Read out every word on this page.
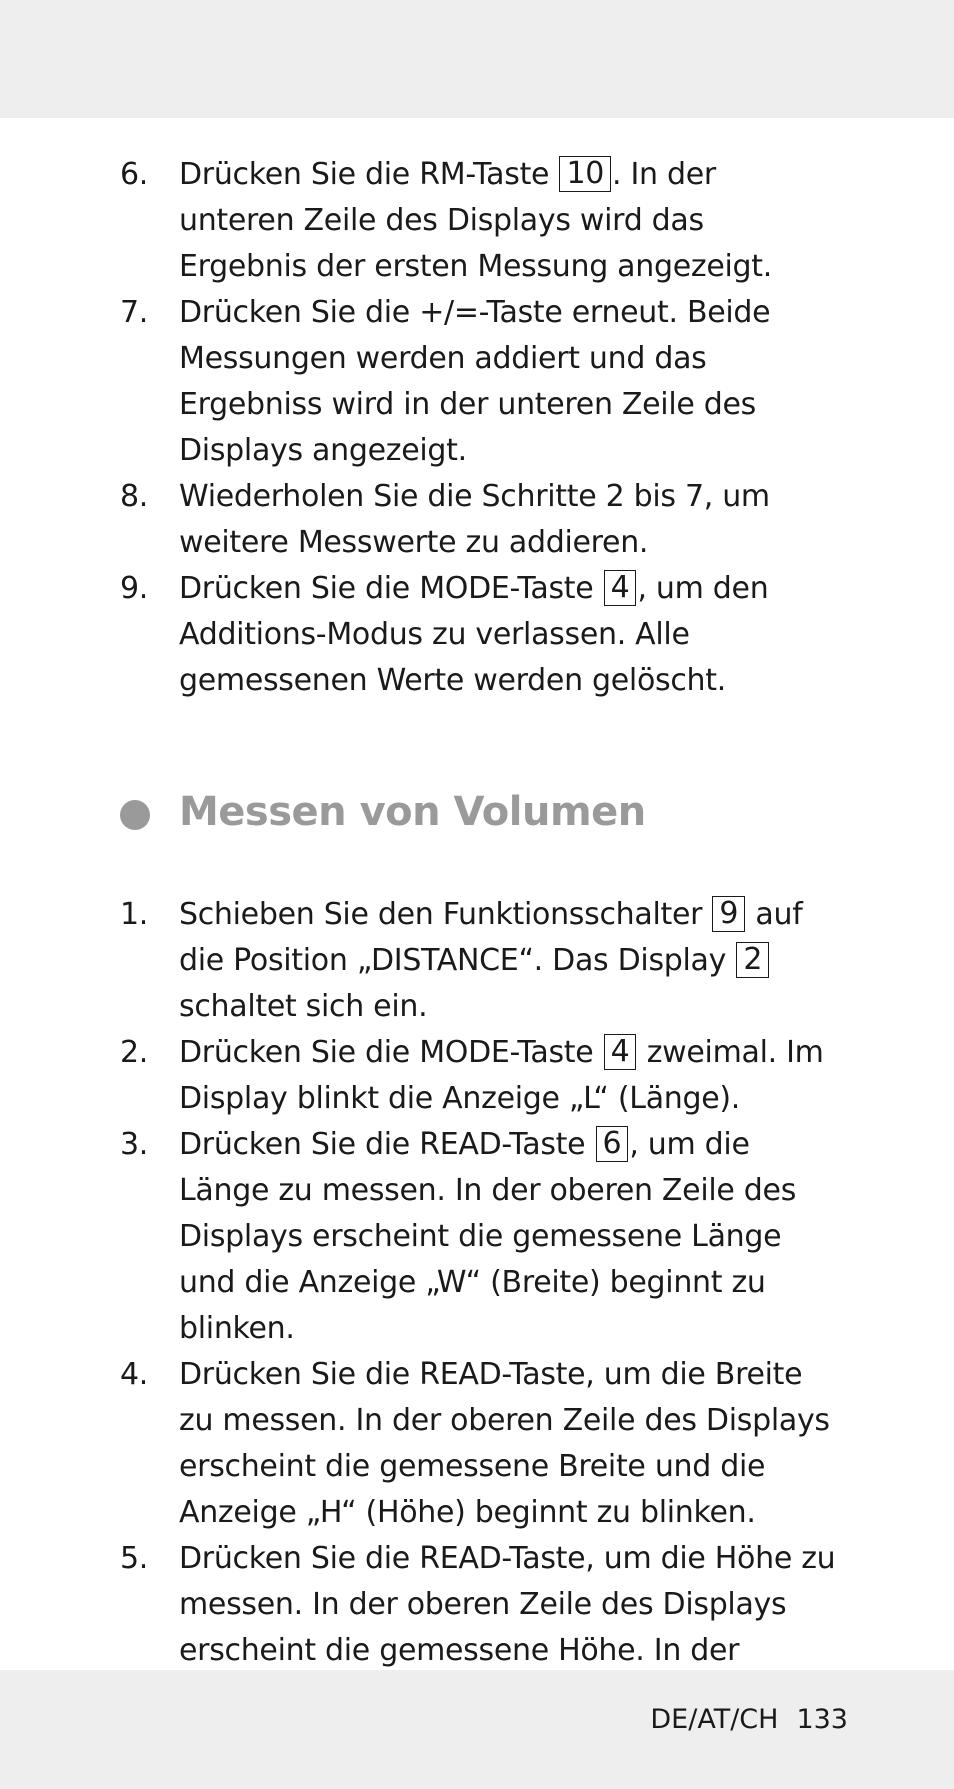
6. Drücken Sie die RM-Taste 10 . In der unteren Zeile des Displays wird das Ergebnis der ersten Messung angezeigt.
7. Drücken Sie die +/=-Taste erneut. Beide Messungen werden addiert und das Ergebniss wird in der unteren Zeile des Displays angezeigt.
8. Wiederholen Sie die Schritte 2 bis 7, um weitere Messwerte zu addieren.
9. Drücken Sie die MODE-Taste 4 , um den Additions-Modus zu verlassen. Alle gemessenen Werte werden gelöscht.
Messen von Volumen
1. Schieben Sie den Funktionsschalter 9 auf die Position „DISTANCE“. Das Display 2 schaltet sich ein.
2. Drücken Sie die MODE-Taste 4 zweimal. Im Display blinkt die Anzeige „L“ (Länge).
3. Drücken Sie die READ-Taste 6 , um die Länge zu messen. In der oberen Zeile des Displays erscheint die gemessene Länge und die Anzeige „W“ (Breite) beginnt zu blinken.
4. Drücken Sie die READ-Taste, um die Breite zu messen. In der oberen Zeile des Displays erscheint die gemessene Breite und die Anzeige „H“ (Höhe) beginnt zu blinken.
5. Drücken Sie die READ-Taste, um die Höhe zu messen. In der oberen Zeile des Displays erscheint die gemessene Höhe. In der
DE/AT/CH 133
